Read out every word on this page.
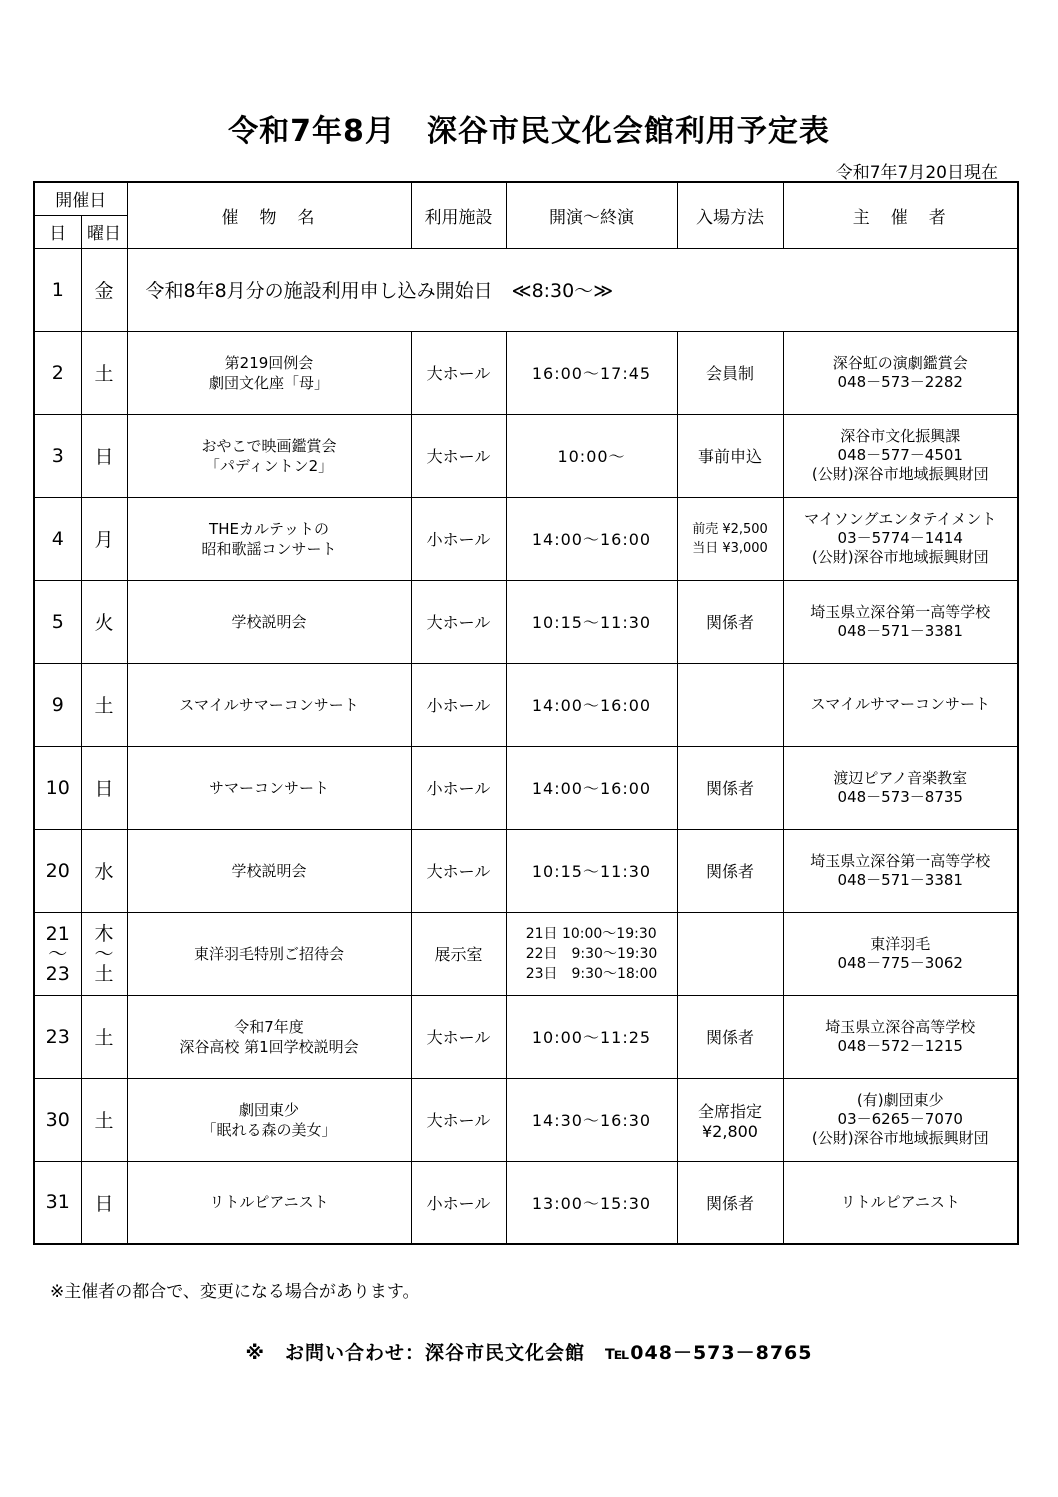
令和7年8月　深谷市民文化会館利用予定表
令和7年7月20日現在
開催日		催　物　名	利用施設	開演～終演	入場方法	主　催　者
日	曜日					
1	金	令和8年8月分の施設利用申し込み開始日　≪8:30～≫				

2	土	第219回例会
劇団文化座「母」	大ホール	16:00～17:45	会員制	深谷虹の演劇鑑賞会
048－573－2282

3	日	おやこで映画鑑賞会
「パディントン2」	大ホール	10:00～	事前申込	深谷市文化振興課
048－577－4501
(公財)深谷市地域振興財団

4	月	THEカルテットの
昭和歌謡コンサート	小ホール	14:00～16:00	前売 ¥2,500
当日 ¥3,000	マイソングエンタテイメント
03－5774－1414
(公財)深谷市地域振興財団

5	火	学校説明会	大ホール	10:15～11:30	関係者	埼玉県立深谷第一高等学校
048－571－3381

9	土	スマイルサマーコンサート	小ホール	14:00～16:00		スマイルサマーコンサート

10	日	サマーコンサート	小ホール	14:00～16:00	関係者	渡辺ピアノ音楽教室
048－573－8735

20	水	学校説明会	大ホール	10:15～11:30	関係者	埼玉県立深谷第一高等学校
048－571－3381

21
～
23	木
～
土	東洋羽毛特別ご招待会	展示室	21日 10:00～19:30
22日　9:30～19:30
23日　9:30～18:00		東洋羽毛
048－775－3062

23	土	令和7年度
深谷高校 第1回学校説明会	大ホール	10:00～11:25	関係者	埼玉県立深谷高等学校
048－572－1215

30	土	劇団東少
「眠れる森の美女」	大ホール	14:30～16:30	全席指定
¥2,800	(有)劇団東少
03－6265－7070
(公財)深谷市地域振興財団

31	日	リトルピアニスト	小ホール	13:00～15:30	関係者	リトルピアニスト
※主催者の都合で、変更になる場合があります。
※　お問い合わせ：深谷市民文化会館　℡048－573－8765
